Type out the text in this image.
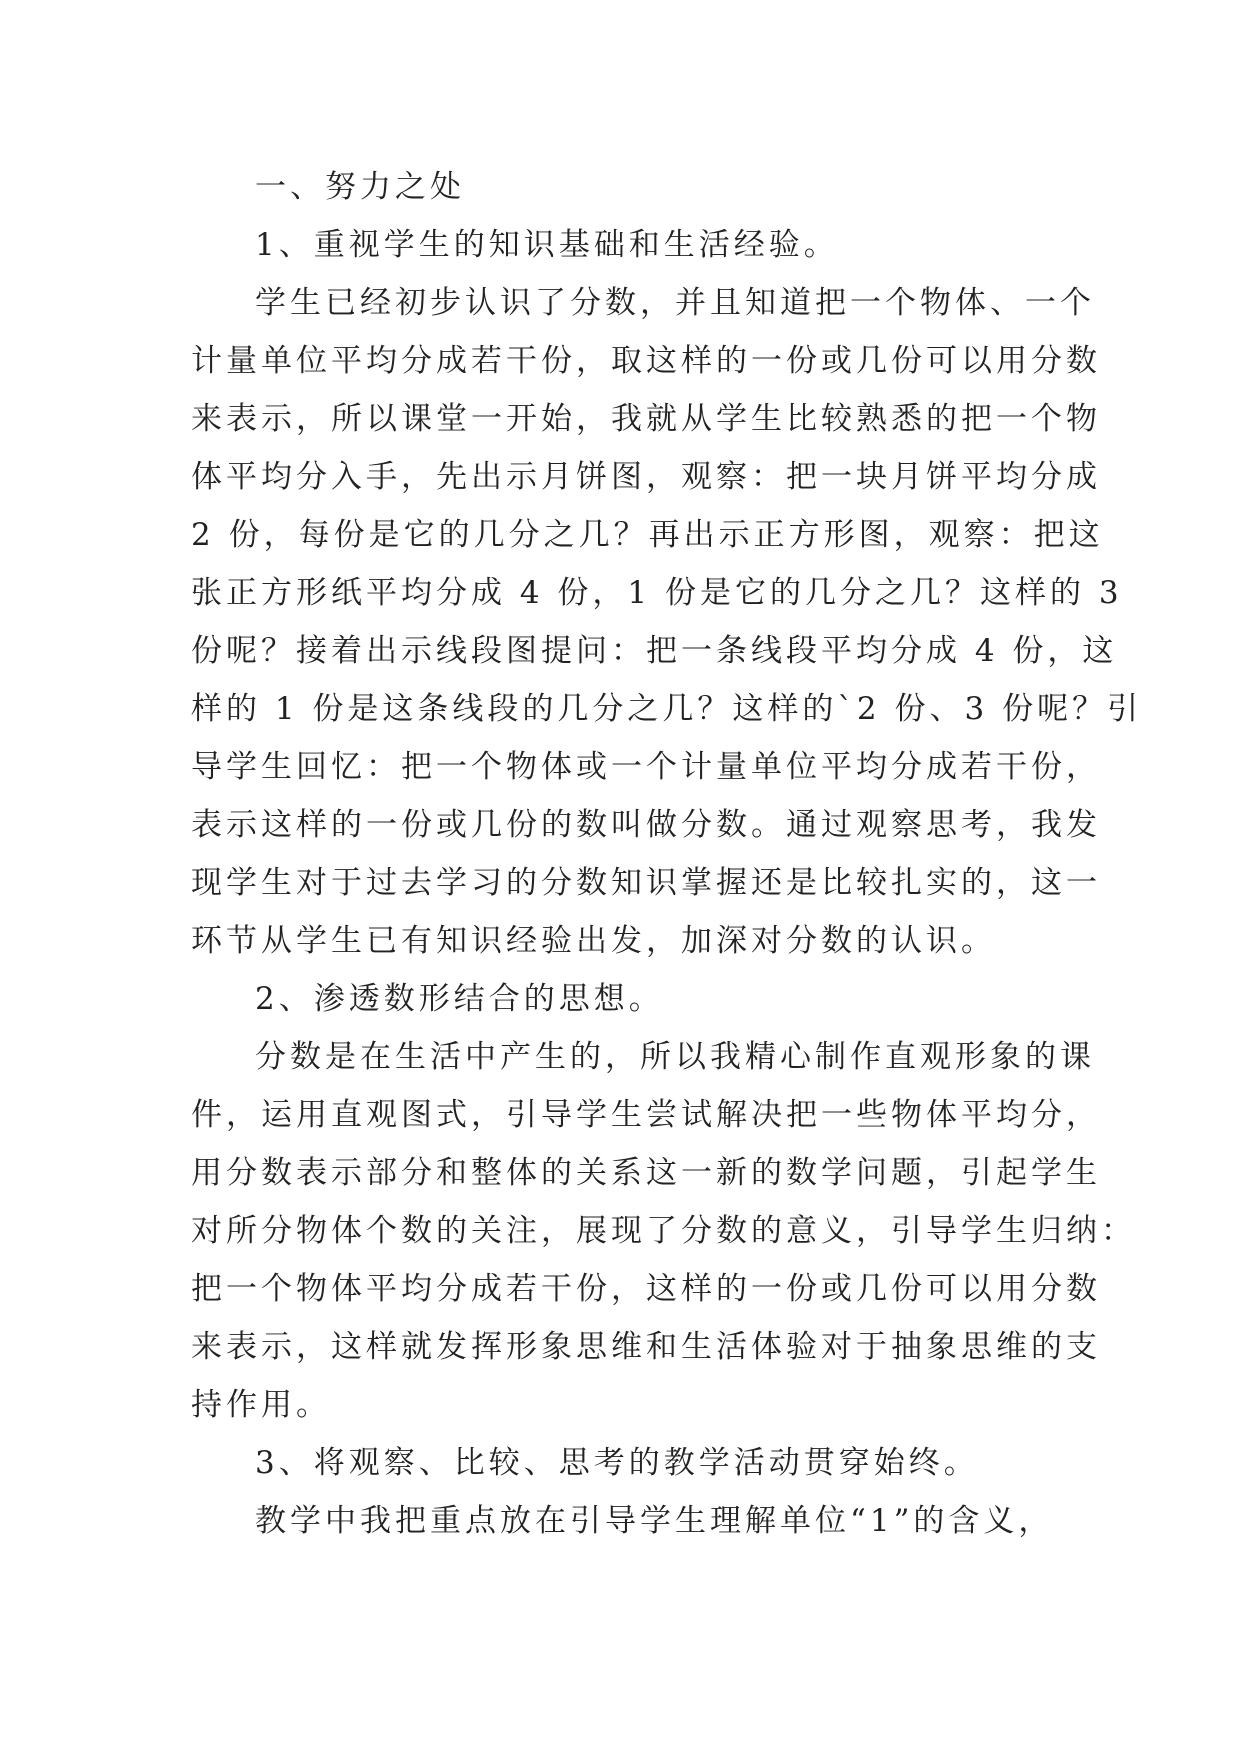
一、努力之处
1、重视学生的知识基础和生活经验。
学生已经初步认识了分数，并且知道把一个物体、一个
计量单位平均分成若干份，取这样的一份或几份可以用分数
来表示，所以课堂一开始，我就从学生比较熟悉的把一个物
体平均分入手，先出示月饼图，观察：把一块月饼平均分成
2 份，每份是它的几分之几？再出示正方形图，观察：把这
张正方形纸平均分成 4 份，1 份是它的几分之几？这样的 3
份呢？接着出示线段图提问：把一条线段平均分成 4 份，这
样的 1 份是这条线段的几分之几？这样的`2 份、3 份呢？引
导学生回忆：把一个物体或一个计量单位平均分成若干份，
表示这样的一份或几份的数叫做分数。通过观察思考，我发
现学生对于过去学习的分数知识掌握还是比较扎实的，这一
环节从学生已有知识经验出发，加深对分数的认识。
2、渗透数形结合的思想。
分数是在生活中产生的，所以我精心制作直观形象的课
件，运用直观图式，引导学生尝试解决把一些物体平均分，
用分数表示部分和整体的关系这一新的数学问题，引起学生
对所分物体个数的关注，展现了分数的意义，引导学生归纳：
把一个物体平均分成若干份，这样的一份或几份可以用分数
来表示，这样就发挥形象思维和生活体验对于抽象思维的支
持作用。
3、将观察、比较、思考的教学活动贯穿始终。
教学中我把重点放在引导学生理解单位“1”的含义，
